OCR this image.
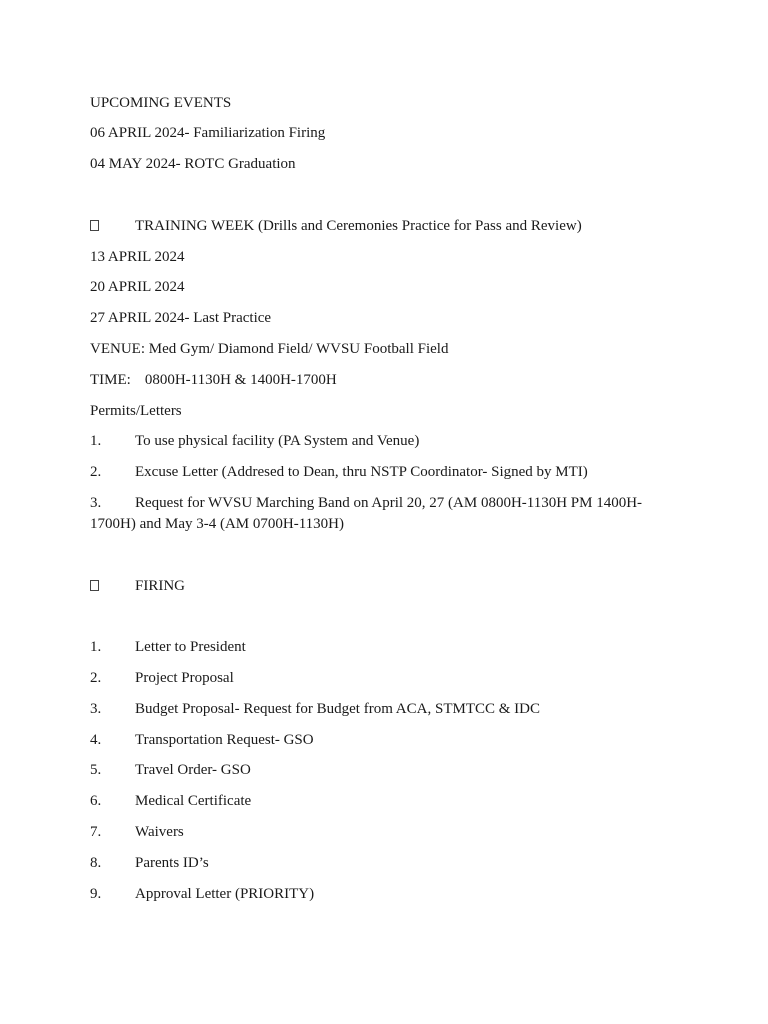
UPCOMING EVENTS
06 APRIL 2024- Familiarization Firing
04 MAY 2024- ROTC Graduation
TRAINING WEEK (Drills and Ceremonies Practice for Pass and Review)
13 APRIL 2024
20 APRIL 2024
27 APRIL 2024- Last Practice
VENUE: Med Gym/ Diamond Field/ WVSU Football Field
TIME: 0800H-1130H & 1400H-1700H
Permits/Letters
1. To use physical facility (PA System and Venue)
2. Excuse Letter (Addresed to Dean, thru NSTP Coordinator- Signed by MTI)
3. Request for WVSU Marching Band on April 20, 27 (AM 0800H-1130H PM 1400H-
1700H) and May 3-4 (AM 0700H-1130H)
FIRING
1. Letter to President
2. Project Proposal
3. Budget Proposal- Request for Budget from ACA, STMTCC & IDC
4. Transportation Request- GSO
5. Travel Order- GSO
6. Medical Certificate
7. Waivers
8. Parents ID’s
9. Approval Letter (PRIORITY)
